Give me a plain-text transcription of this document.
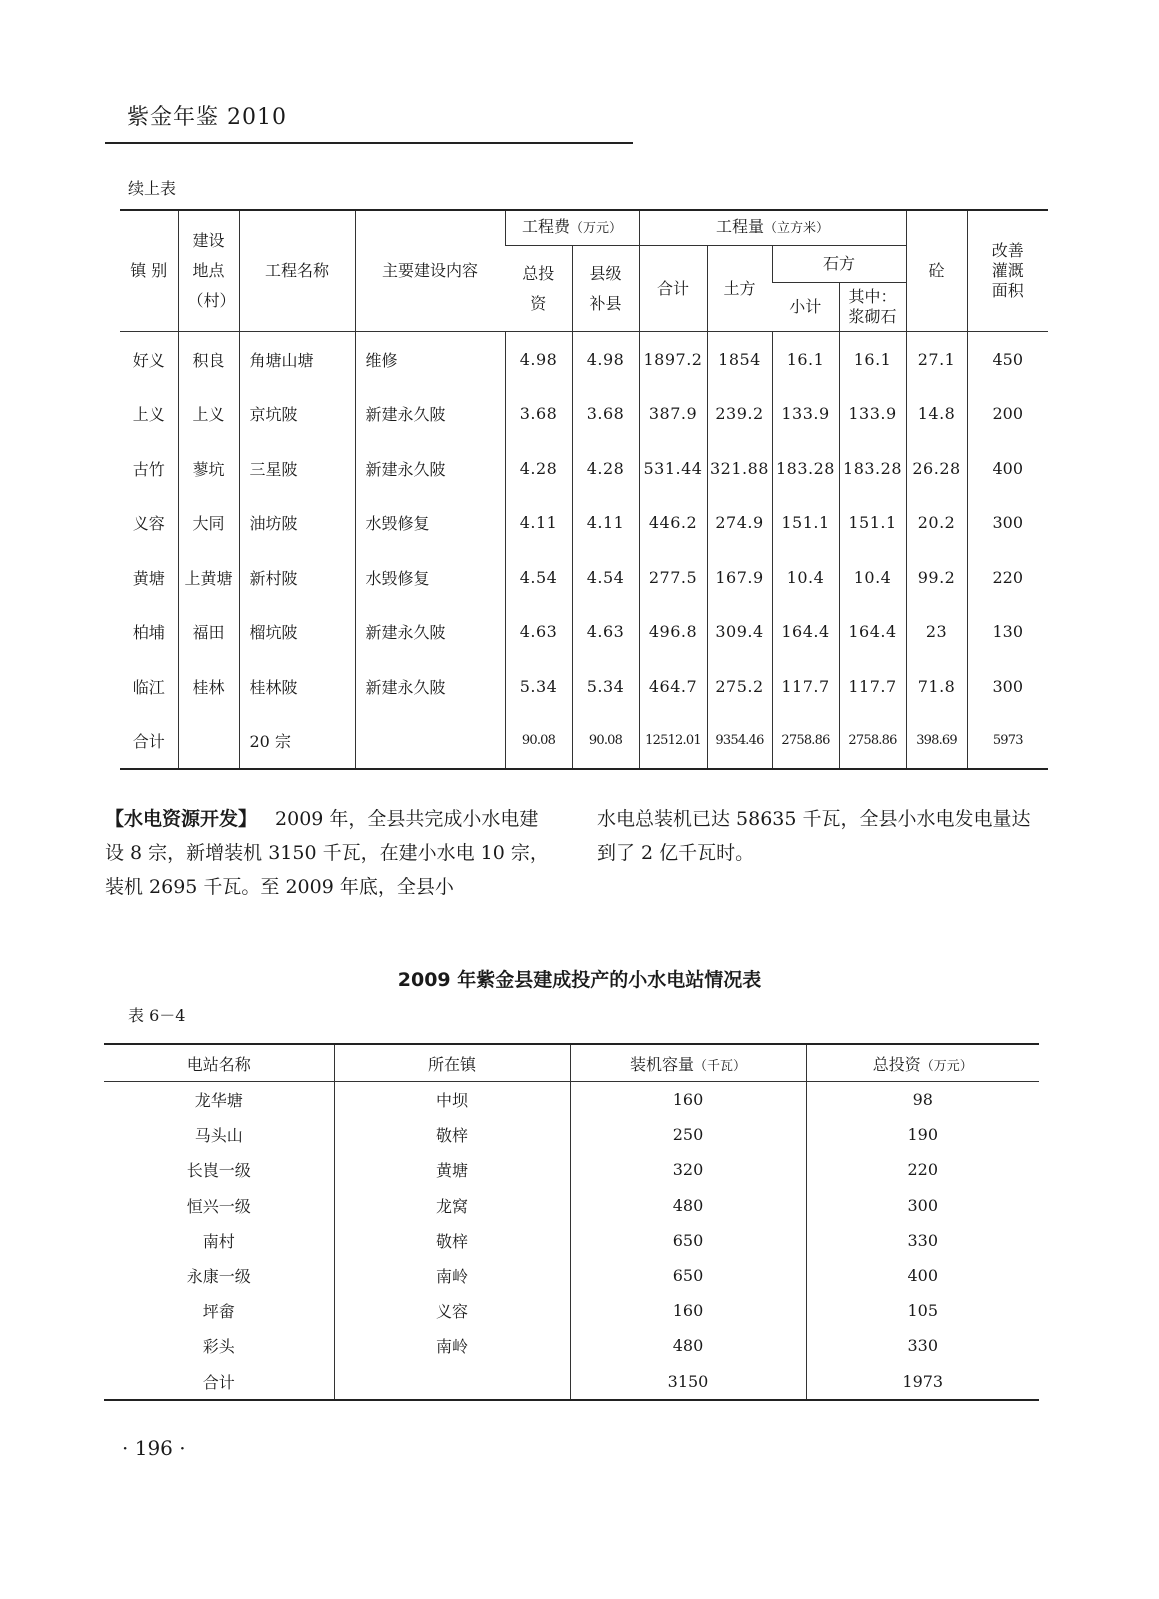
紫金年鉴 2010
续上表
镇 别	建设地点（村）	工程名称	主要建设内容	工程费（万元）		工程量（立方米）				砼	改善灌溉面积

				总投资	县级补县	合计	土方	石方			
								小计	其中：浆砌石		

好义	积良	角塘山塘	维修	4.98	4.98	1897.2	1854	16.1	16.1	27.1	450
上义	上义	京坑陂	新建永久陂	3.68	3.68	387.9	239.2	133.9	133.9	14.8	200
古竹	蓼坑	三星陂	新建永久陂	4.28	4.28	531.44	321.88	183.28	183.28	26.28	400
义容	大同	油坊陂	水毁修复	4.11	4.11	446.2	274.9	151.1	151.1	20.2	300
黄塘	上黄塘	新村陂	水毁修复	4.54	4.54	277.5	167.9	10.4	10.4	99.2	220
柏埔	福田	榴坑陂	新建永久陂	4.63	4.63	496.8	309.4	164.4	164.4	23	130
临江	桂林	桂林陂	新建永久陂	5.34	5.34	464.7	275.2	117.7	117.7	71.8	300
合计		20 宗		90.08	90.08	12512.01	9354.46	2758.86	2758.86	398.69	5973
【水电资源开发】 2009 年，全县共完成小水电建设 8 宗，新增装机 3150 千瓦，在建小水电 10 宗，装机 2695 千瓦。至 2009 年底，全县小
水电总装机已达 58635 千瓦，全县小水电发电量达到了 2 亿千瓦时。
2009 年紫金县建成投产的小水电站情况表
表 6－4
电站名称	所在镇	装机容量（千瓦）	总投资（万元）
龙华塘	中坝	160	98
马头山	敬梓	250	190
长崀一级	黄塘	320	220
恒兴一级	龙窝	480	300
南村	敬梓	650	330
永康一级	南岭	650	400
坪畲	义容	160	105
彩头	南岭	480	330
合计		3150	1973
· 196 ·
